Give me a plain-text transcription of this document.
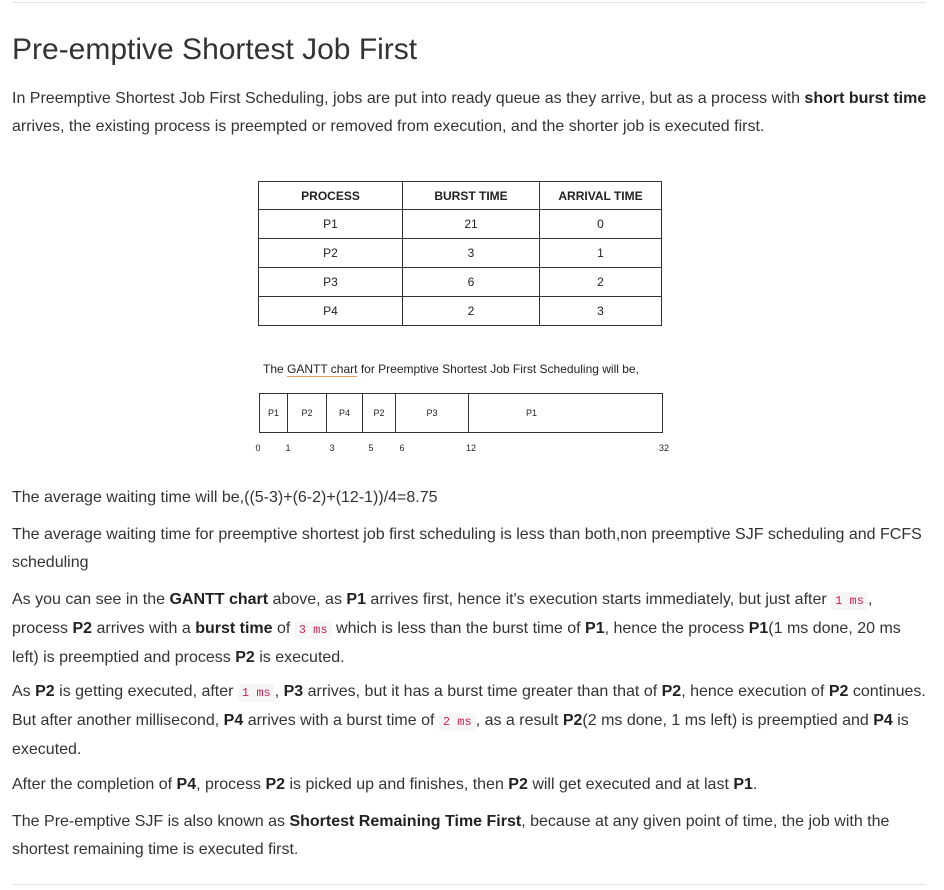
Pre-emptive Shortest Job First

In Preemptive Shortest Job First Scheduling, jobs are put into ready queue as they arrive, but as a process with short burst time arrives, the existing process is preempted or removed from execution, and the shorter job is executed first.

PROCESS	BURST TIME	ARRIVAL TIME
P1	21	0
P2	3	1
P3	6	2
P4	2	3
The GANTT chart for Preemptive Shortest Job First Scheduling will be,
P1 P2	P4	P2	P3	P1
0	1	3	5	6	12	32

The average waiting time will be,((5-3)+(6-2)+(12-1))/4=8.75

The average waiting time for preemptive shortest job first scheduling is less than both,non preemptive SJF scheduling and FCFS scheduling

As you can see in the GANTT chart above, as P1 arrives first, hence it's execution starts immediately, but just after 1 ms , process P2 arrives with a burst time of 3 ms which is less than the burst time of P1, hence the process P1(1 ms done, 20 ms left) is preemptied and process P2 is executed.

As P2 is getting executed, after 1 ms , P3 arrives, but it has a burst time greater than that of P2, hence execution of P2 continues. But after another millisecond, P4 arrives with a burst time of 2 ms , as a result P2(2 ms done, 1 ms left) is preemptied and P4 is executed.

After the completion of P4, process P2 is picked up and finishes, then P2 will get executed and at last P1.

The Pre-emptive SJF is also known as Shortest Remaining Time First, because at any given point of time, the job with the shortest remaining time is executed first.
